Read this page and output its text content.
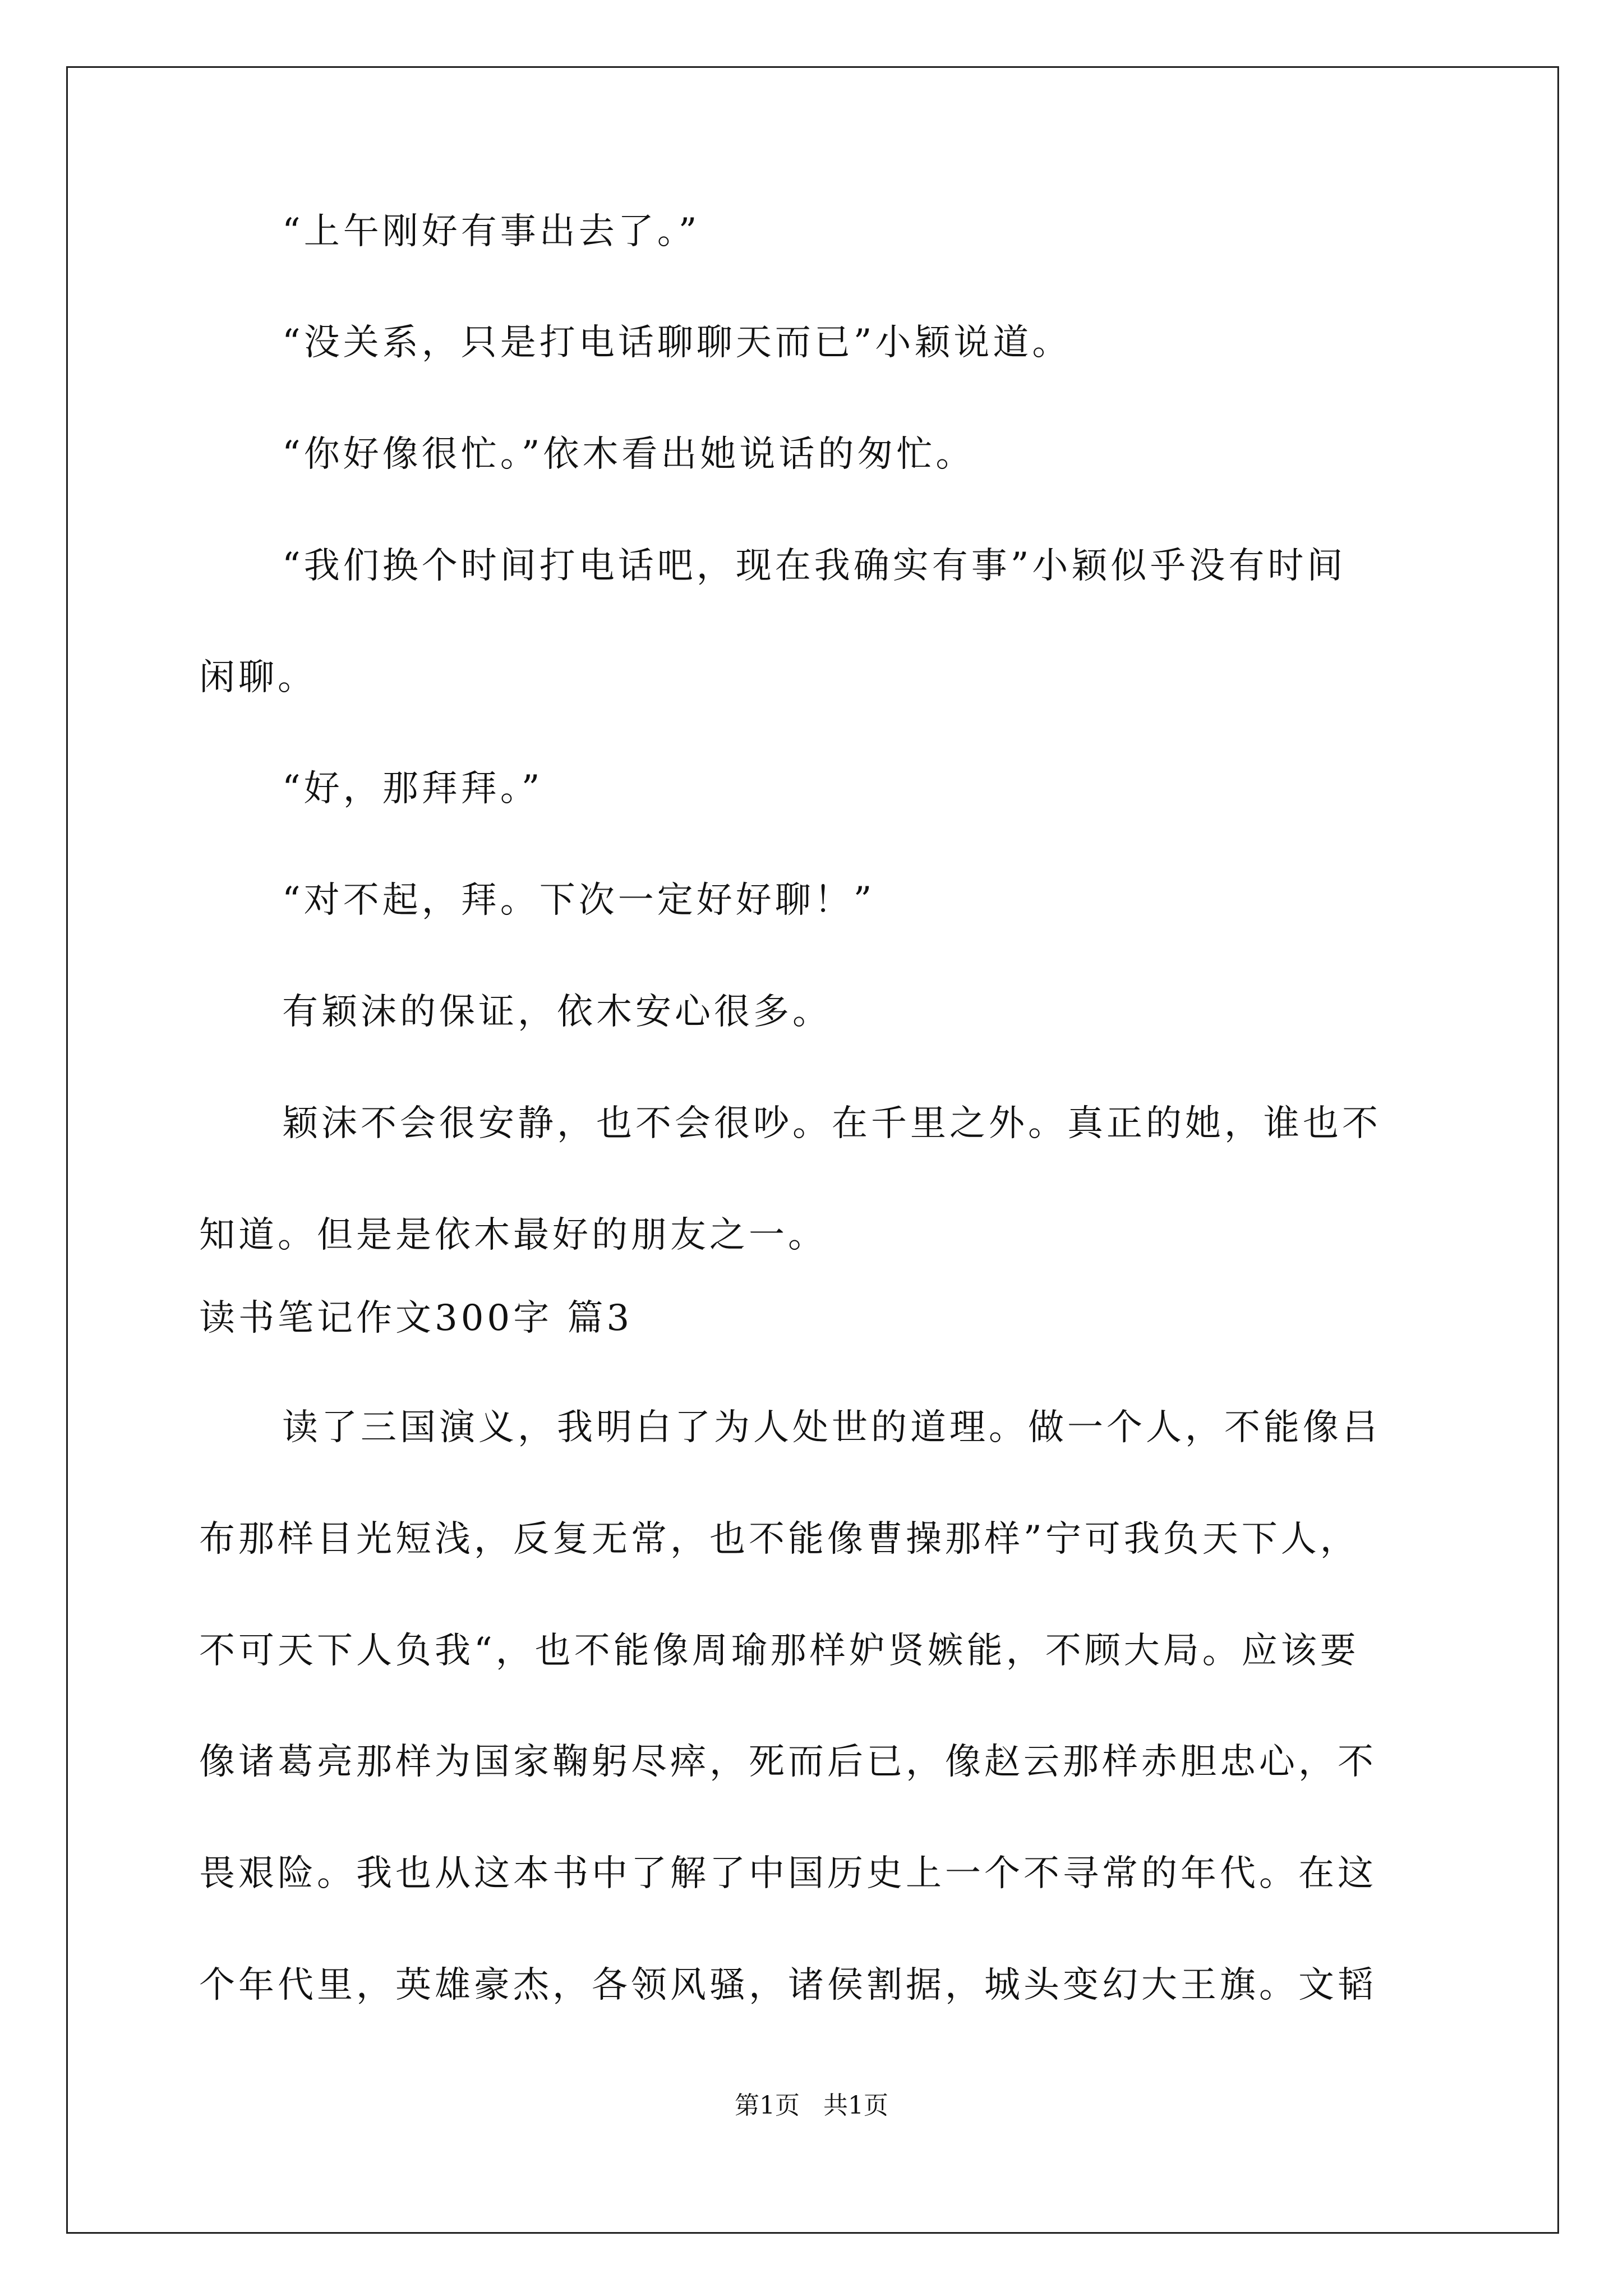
“上午刚好有事出去了。”
“没关系，只是打电话聊聊天而已”小颖说道。
“你好像很忙。”依木看出她说话的匆忙。
“我们换个时间打电话吧，现在我确实有事”小颖似乎没有时间
闲聊。
“好，那拜拜。”
“对不起，拜。下次一定好好聊！”
有颖沫的保证，依木安心很多。
颖沫不会很安静，也不会很吵。在千里之外。真正的她，谁也不
知道。但是是依木最好的朋友之一。
读书笔记作文300字 篇3
读了三国演义，我明白了为人处世的道理。做一个人，不能像吕
布那样目光短浅，反复无常，也不能像曹操那样”宁可我负天下人，
不可天下人负我“，也不能像周瑜那样妒贤嫉能，不顾大局。应该要
像诸葛亮那样为国家鞠躬尽瘁，死而后已，像赵云那样赤胆忠心，不
畏艰险。我也从这本书中了解了中国历史上一个不寻常的年代。在这
个年代里，英雄豪杰，各领风骚，诸侯割据，城头变幻大王旗。文韬
第1页   共1页
